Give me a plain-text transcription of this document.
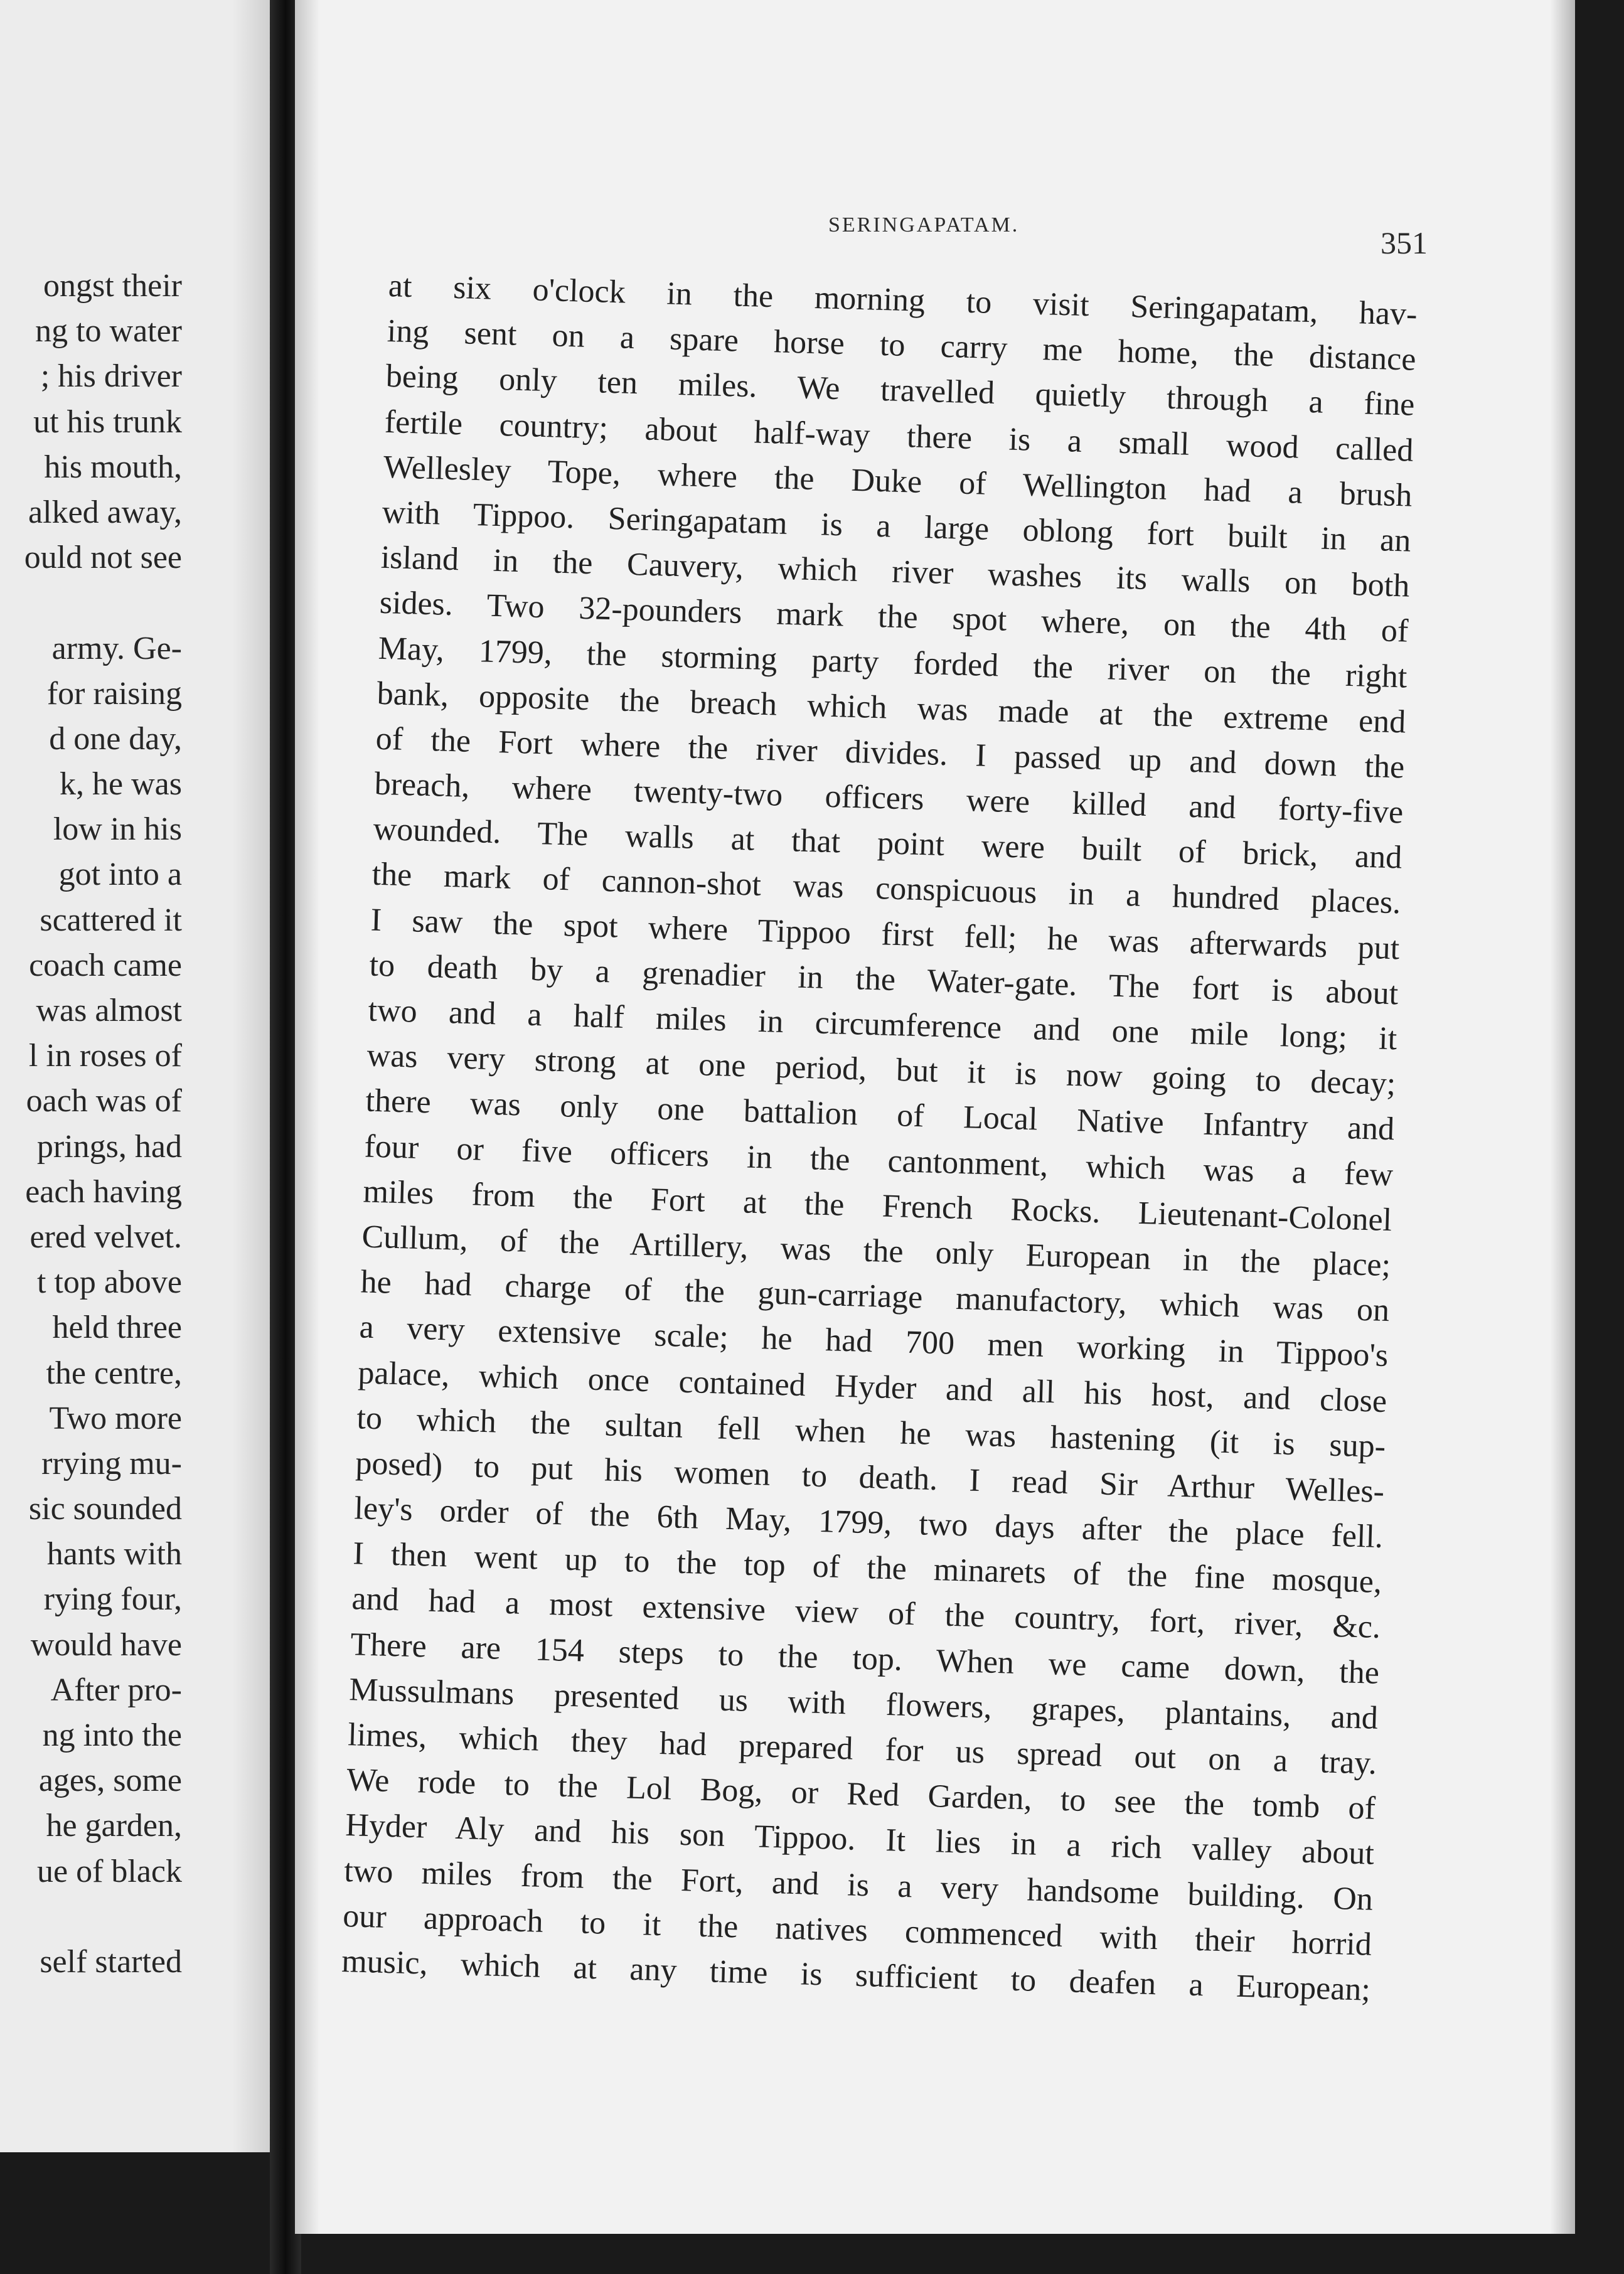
ongst their
ng to water
; his driver
ut his trunk
his mouth,
alked away,
ould not see
army. Ge-
for raising
d one day,
k, he was
low in his
got into a
scattered it
coach came
was almost
l in roses of
oach was of
prings, had
each having
ered velvet.
t top above
held three
the centre,
Two more
rrying mu-
sic sounded
hants with
rying four,
would have
After pro-
ng into the
ages, some
he garden,
ue of black
self started
SERINGAPATAM.
351
at six o'clock in the morning to visit Seringapatam, hav-
ing sent on a spare horse to carry me home, the distance
being only ten miles. We travelled quietly through a fine
fertile country; about half-way there is a small wood called
Wellesley Tope, where the Duke of Wellington had a brush
with Tippoo. Seringapatam is a large oblong fort built in an
island in the Cauvery, which river washes its walls on both
sides. Two 32-pounders mark the spot where, on the 4th of
May, 1799, the storming party forded the river on the right
bank, opposite the breach which was made at the extreme end
of the Fort where the river divides. I passed up and down the
breach, where twenty-two officers were killed and forty-five
wounded. The walls at that point were built of brick, and
the mark of cannon-shot was conspicuous in a hundred places.
I saw the spot where Tippoo first fell; he was afterwards put
to death by a grenadier in the Water-gate. The fort is about
two and a half miles in circumference and one mile long; it
was very strong at one period, but it is now going to decay;
there was only one battalion of Local Native Infantry and
four or five officers in the cantonment, which was a few
miles from the Fort at the French Rocks. Lieutenant-Colonel
Cullum, of the Artillery, was the only European in the place;
he had charge of the gun-carriage manufactory, which was on
a very extensive scale; he had 700 men working in Tippoo's
palace, which once contained Hyder and all his host, and close
to which the sultan fell when he was hastening (it is sup-
posed) to put his women to death. I read Sir Arthur Welles-
ley's order of the 6th May, 1799, two days after the place fell.
I then went up to the top of the minarets of the fine mosque,
and had a most extensive view of the country, fort, river, &c.
There are 154 steps to the top. When we came down, the
Mussulmans presented us with flowers, grapes, plantains, and
limes, which they had prepared for us spread out on a tray.
We rode to the Lol Bog, or Red Garden, to see the tomb of
Hyder Aly and his son Tippoo. It lies in a rich valley about
two miles from the Fort, and is a very handsome building. On
our approach to it the natives commenced with their horrid
music, which at any time is sufficient to deafen a European;
